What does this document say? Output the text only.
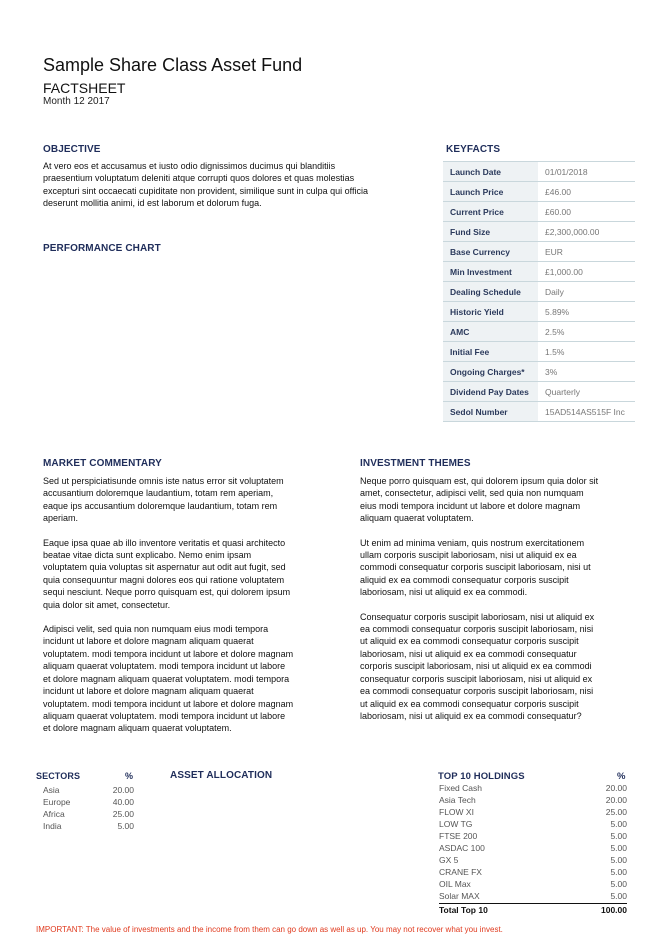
Sample Share Class Asset Fund
FACTSHEET
Month 12 2017
OBJECTIVE
At vero eos et accusamus et iusto odio dignissimos ducimus qui blanditiis
praesentium voluptatum deleniti atque corrupti quos dolores et quas molestias
excepturi sint occaecati cupiditate non provident, similique sunt in culpa qui officia
deserunt mollitia animi, id est laborum et dolorum fuga.
PERFORMANCE CHART
KEYFACTS
Launch Date	01/01/2018
Launch Price	£46.00
Current Price	£60.00
Fund Size	£2,300,000.00
Base Currency	EUR
Min Investment	£1,000.00
Dealing Schedule	Daily
Historic Yield	5.89%
AMC	2.5%
Initial Fee	1.5%
Ongoing Charges*	3%
Dividend Pay Dates	Quarterly
Sedol Number	15AD514AS515F Inc
MARKET COMMENTARY
Sed ut perspiciatisunde omnis iste natus error sit voluptatem
accusantium doloremque laudantium, totam rem aperiam,
eaque ips accusantium doloremque laudantium, totam rem
aperiam.
Eaque ipsa quae ab illo inventore veritatis et quasi architecto
beatae vitae dicta sunt explicabo. Nemo enim ipsam
voluptatem quia voluptas sit aspernatur aut odit aut fugit, sed
quia consequuntur magni dolores eos qui ratione voluptatem
sequi nesciunt. Neque porro quisquam est, qui dolorem ipsum
quia dolor sit amet, consectetur.
Adipisci velit, sed quia non numquam eius modi tempora
incidunt ut labore et dolore magnam aliquam quaerat
voluptatem. modi tempora incidunt ut labore et dolore magnam
aliquam quaerat voluptatem. modi tempora incidunt ut labore
et dolore magnam aliquam quaerat voluptatem. modi tempora
incidunt ut labore et dolore magnam aliquam quaerat
voluptatem. modi tempora incidunt ut labore et dolore magnam
aliquam quaerat voluptatem. modi tempora incidunt ut labore
et dolore magnam aliquam quaerat voluptatem.
INVESTMENT THEMES
Neque porro quisquam est, qui dolorem ipsum quia dolor sit
amet, consectetur, adipisci velit, sed quia non numquam
eius modi tempora incidunt ut labore et dolore magnam
aliquam quaerat voluptatem.
Ut enim ad minima veniam, quis nostrum exercitationem
ullam corporis suscipit laboriosam, nisi ut aliquid ex ea
commodi consequatur corporis suscipit laboriosam, nisi ut
aliquid ex ea commodi consequatur corporis suscipit
laboriosam, nisi ut aliquid ex ea commodi.
Consequatur corporis suscipit laboriosam, nisi ut aliquid ex
ea commodi consequatur corporis suscipit laboriosam, nisi
ut aliquid ex ea commodi consequatur corporis suscipit
laboriosam, nisi ut aliquid ex ea commodi consequatur
corporis suscipit laboriosam, nisi ut aliquid ex ea commodi
consequatur corporis suscipit laboriosam, nisi ut aliquid ex
ea commodi consequatur corporis suscipit laboriosam, nisi
ut aliquid ex ea commodi consequatur corporis suscipit
laboriosam, nisi ut aliquid ex ea commodi consequatur?
SECTORS	%
Asia	20.00
Europe	40.00
Africa	25.00
India	5.00
ASSET ALLOCATION	TOP 10 HOLDINGS	%
Fixed Cash	20.00
Asia Tech	20.00
FLOW XI	25.00
LOW TG	5.00
FTSE 200	5.00
ASDAC 100	5.00
GX 5	5.00
CRANE FX	5.00
OIL Max	5.00
Solar MAX	5.00
Total Top 10	100.00
IMPORTANT: The value of investments and the income from them can go down as well as up. You may not recover what you invest.
